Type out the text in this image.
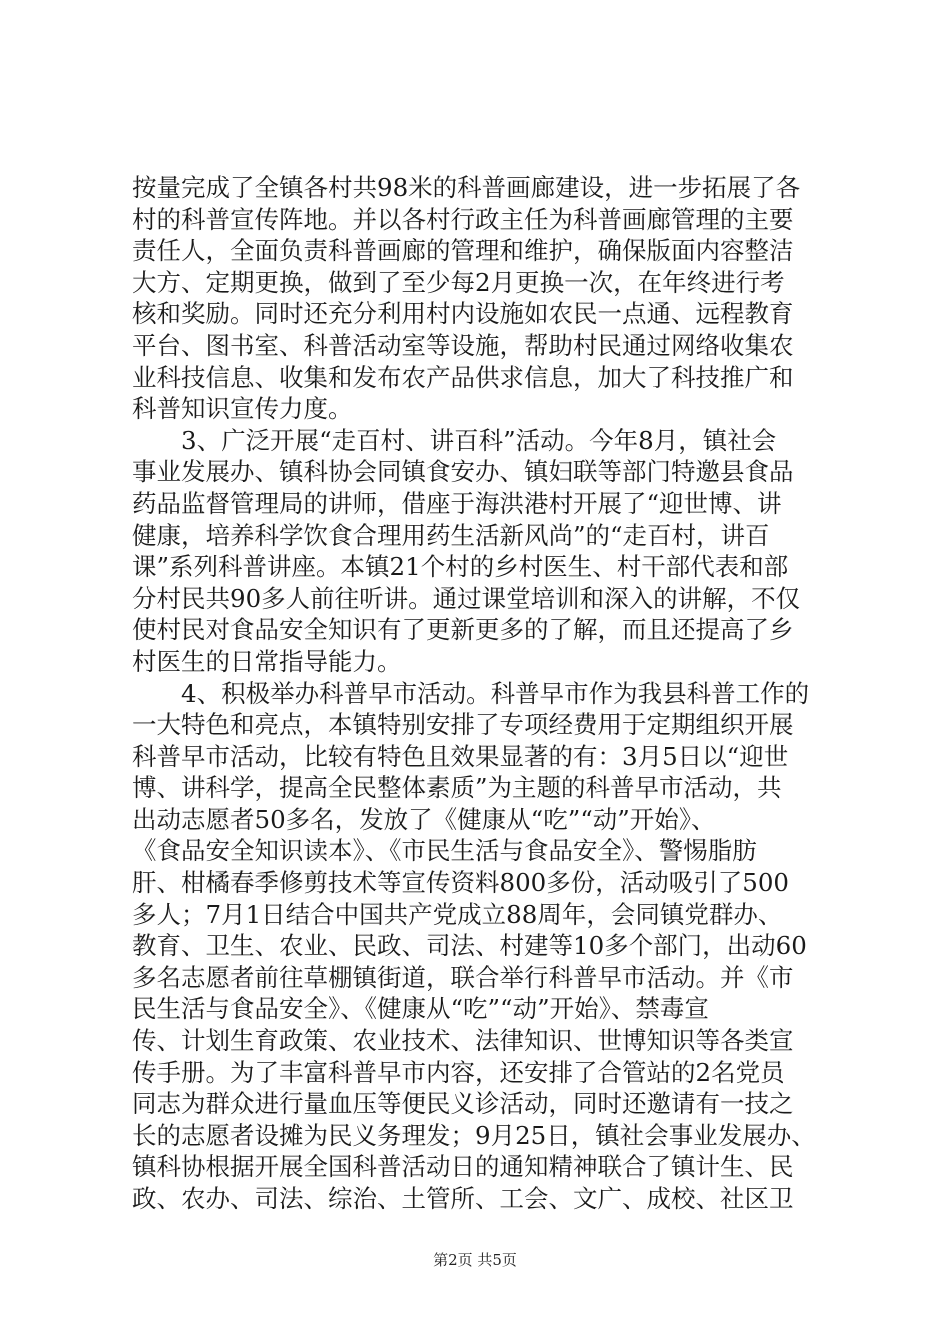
按量完成了全镇各村共98米的科普画廊建设，进一步拓展了各
村的科普宣传阵地。并以各村行政主任为科普画廊管理的主要
责任人，全面负责科普画廊的管理和维护，确保版面内容整洁
大方、定期更换，做到了至少每2月更换一次，在年终进行考
核和奖励。同时还充分利用村内设施如农民一点通、远程教育
平台、图书室、科普活动室等设施，帮助村民通过网络收集农
业科技信息、收集和发布农产品供求信息，加大了科技推广和
科普知识宣传力度。
　　3、广泛开展“走百村、讲百科”活动。今年8月，镇社会
事业发展办、镇科协会同镇食安办、镇妇联等部门特邀县食品
药品监督管理局的讲师，借座于海洪港村开展了“迎世博、讲
健康，培养科学饮食合理用药生活新风尚”的“走百村，讲百
课”系列科普讲座。本镇21个村的乡村医生、村干部代表和部
分村民共90多人前往听讲。通过课堂培训和深入的讲解，不仅
使村民对食品安全知识有了更新更多的了解，而且还提高了乡
村医生的日常指导能力。
　　4、积极举办科普早市活动。科普早市作为我县科普工作的
一大特色和亮点，本镇特别安排了专项经费用于定期组织开展
科普早市活动，比较有特色且效果显著的有：3月5日以“迎世
博、讲科学，提高全民整体素质”为主题的科普早市活动，共
出动志愿者50多名，发放了《健康从“吃”“动”开始》、
《食品安全知识读本》、《市民生活与食品安全》、警惕脂肪
肝、柑橘春季修剪技术等宣传资料800多份，活动吸引了500
多人；7月1日结合中国共产党成立88周年，会同镇党群办、
教育、卫生、农业、民政、司法、村建等10多个部门，出动60
多名志愿者前往草棚镇街道，联合举行科普早市活动。并《市
民生活与食品安全》、《健康从“吃”“动”开始》、禁毒宣
传、计划生育政策、农业技术、法律知识、世博知识等各类宣
传手册。为了丰富科普早市内容，还安排了合管站的2名党员
同志为群众进行量血压等便民义诊活动，同时还邀请有一技之
长的志愿者设摊为民义务理发；9月25日，镇社会事业发展办、
镇科协根据开展全国科普活动日的通知精神联合了镇计生、民
政、农办、司法、综治、土管所、工会、文广、成校、社区卫
第2页 共5页
